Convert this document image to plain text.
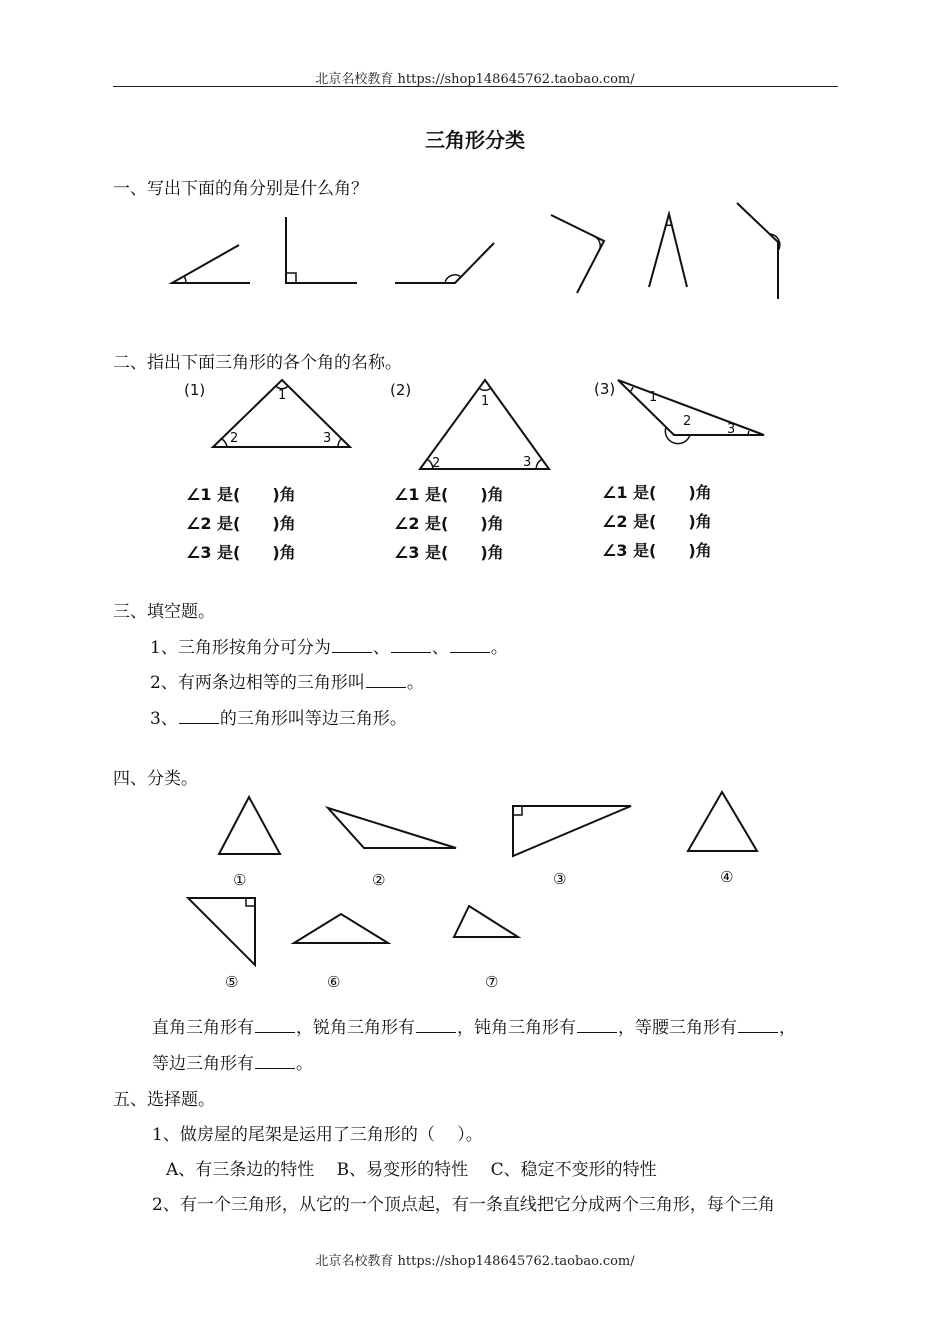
北京名校教育 https://shop148645762.taobao.com/
北京名校教育 https://shop148645762.taobao.com/
三角形分类
一、写出下面的角分别是什么角？
二、指出下面三角形的各个角的名称。
(1)	(2)	(3)
1
2	3
1
2	3
1
2
3
∠1 是(　　)角
∠2 是(　　)角
∠3 是(　　)角
∠1 是(　　)角
∠2 是(　　)角
∠3 是(　　)角
∠1 是(　　)角
∠2 是(　　)角
∠3 是(　　)角
三、填空题。
1、三角形按角分可分为 、 、 。
2、有两条边相等的三角形叫 。
3、 的三角形叫等边三角形。
四、分类。
①	②	③	④
⑤	⑥	⑦
直角三角形有 ，锐角三角形有 ，钝角三角形有 ，等腰三角形有 ，
等边三角形有 。
五、选择题。
1、做房屋的尾架是运用了三角形的（　 ）。
A、有三条边的特性　 B、易变形的特性　 C、稳定不变形的特性
2、有一个三角形，从它的一个顶点起，有一条直线把它分成两个三角形，每个三角
